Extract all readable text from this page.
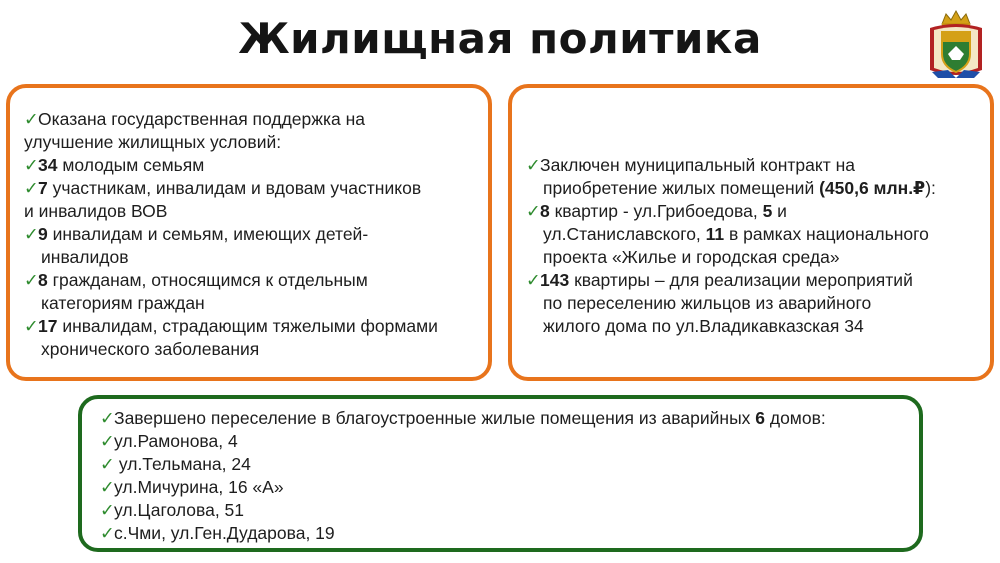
Жилищная политика
✓Оказана государственная поддержка на
улучшение жилищных условий:
✓34 молодым семьям
✓7 участникам, инвалидам и вдовам участников
и инвалидов ВОВ
✓9 инвалидам и семьям, имеющих детей-
инвалидов
✓8 гражданам, относящимся к отдельным
категориям граждан
✓17 инвалидам, страдающим тяжелыми формами
хронического заболевания
✓Заключен муниципальный контракт на
приобретение жилых помещений (450,6 млн.₽):
✓8 квартир - ул.Грибоедова, 5 и
ул.Станиславского, 11 в рамках национального
проекта «Жилье и городская среда»
✓143 квартиры – для реализации мероприятий
по переселению жильцов из аварийного
жилого дома по ул.Владикавказская 34
✓Завершено переселение в благоустроенные жилые помещения из аварийных 6 домов:
✓ул.Рамонова, 4
✓ ул.Тельмана, 24
✓ул.Мичурина, 16 «А»
✓ул.Цаголова, 51
✓с.Чми, ул.Ген.Дударова, 19
